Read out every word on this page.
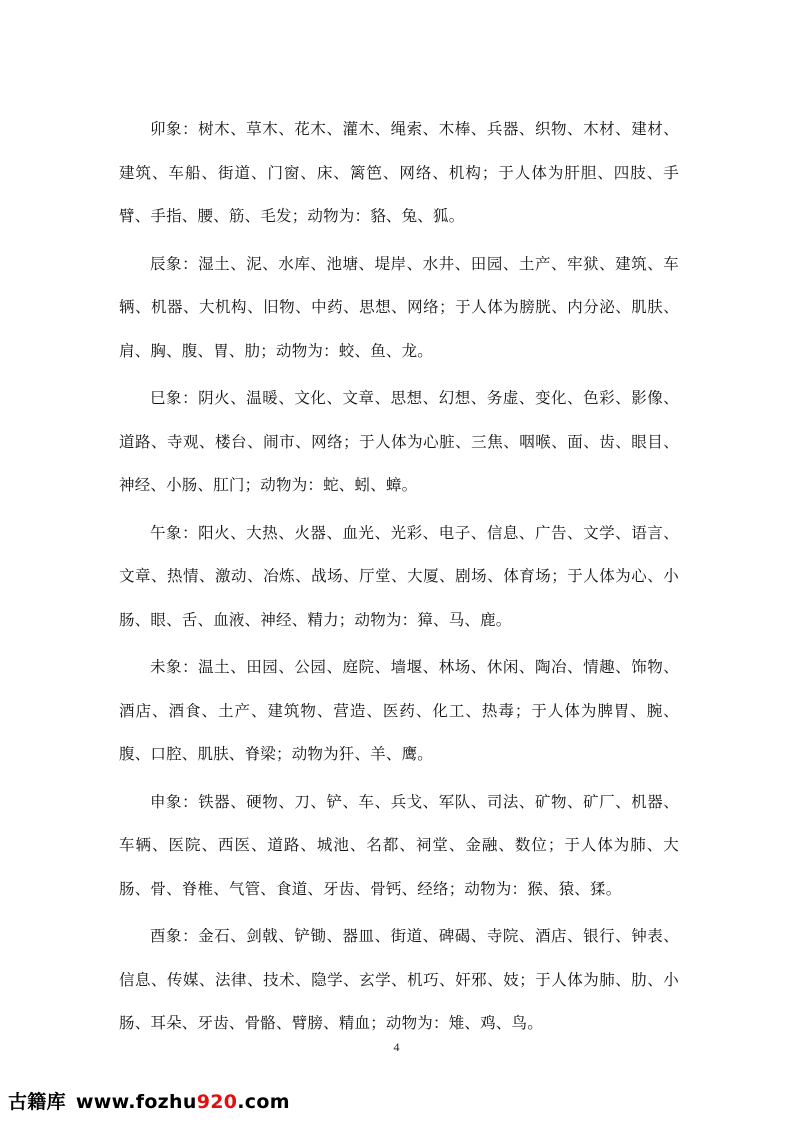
卯象：树木、草木、花木、灌木、绳索、木棒、兵器、织物、木材、建材、建筑、车船、街道、门窗、床、篱笆、网络、机构；于人体为肝胆、四肢、手臂、手指、腰、筋、毛发；动物为：貉、兔、狐。

辰象：湿土、泥、水库、池塘、堤岸、水井、田园、土产、牢狱、建筑、车辆、机器、大机构、旧物、中药、思想、网络；于人体为膀胱、内分泌、肌肤、肩、胸、腹、胃、肋；动物为：蛟、鱼、龙。

巳象：阴火、温暖、文化、文章、思想、幻想、务虚、变化、色彩、影像、道路、寺观、楼台、闹市、网络；于人体为心脏、三焦、咽喉、面、齿、眼目、神经、小肠、肛门；动物为：蛇、蚓、蟑。

午象：阳火、大热、火器、血光、光彩、电子、信息、广告、文学、语言、文章、热情、激动、冶炼、战场、厅堂、大厦、剧场、体育场；于人体为心、小肠、眼、舌、血液、神经、精力；动物为：獐、马、鹿。

未象：温土、田园、公园、庭院、墙堰、林场、休闲、陶冶、情趣、饰物、酒店、酒食、土产、建筑物、营造、医药、化工、热毒；于人体为脾胃、腕、腹、口腔、肌肤、脊梁；动物为犴、羊、鹰。

申象：铁器、硬物、刀、铲、车、兵戈、军队、司法、矿物、矿厂、机器、车辆、医院、西医、道路、城池、名都、祠堂、金融、数位；于人体为肺、大肠、骨、脊椎、气管、食道、牙齿、骨钙、经络；动物为：猴、猿、猱。

酉象：金石、剑戟、铲锄、器皿、街道、碑碣、寺院、酒店、银行、钟表、信息、传媒、法律、技术、隐学、玄学、机巧、奸邪、妓；于人体为肺、肋、小肠、耳朵、牙齿、骨骼、臂膀、精血；动物为：雉、鸡、鸟。

4
古籍库 www.fozhu920.com
